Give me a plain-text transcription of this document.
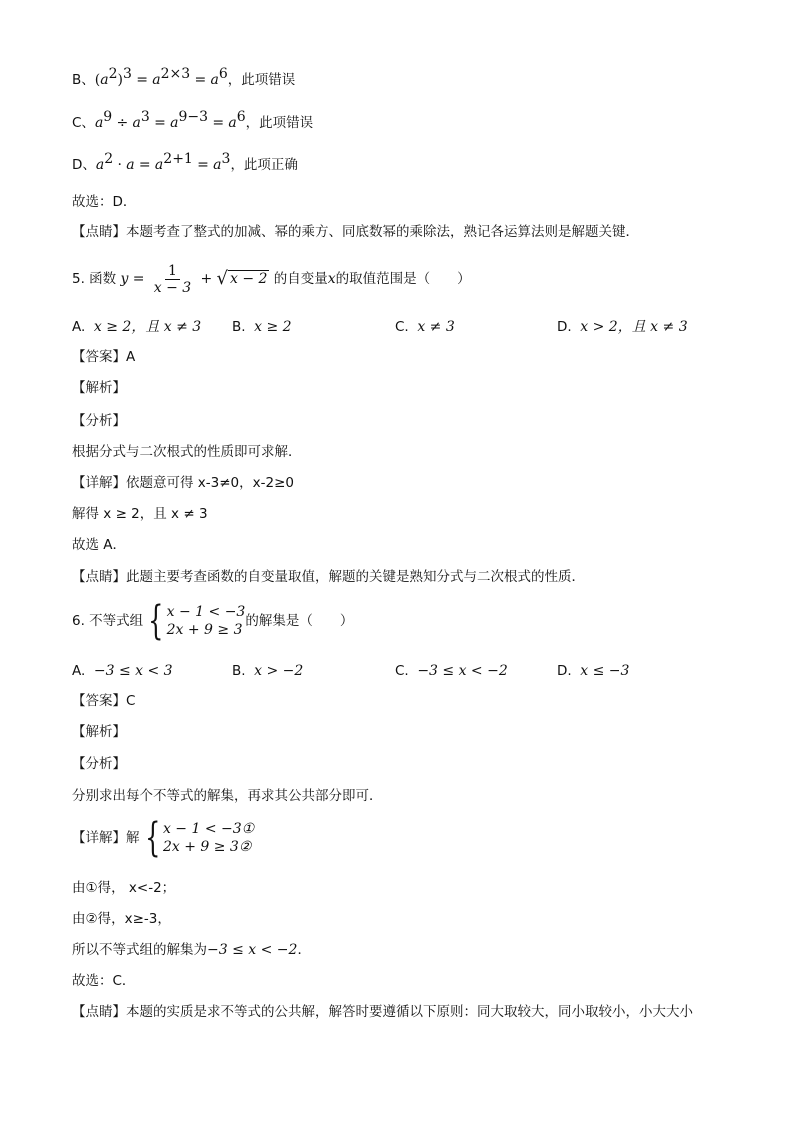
B、$(a^2)^3 = a^{2\times 3} = a^6$，此项错误
C、$a^9 \div a^3 = a^{9-3} = a^6$，此项错误
D、$a^2 \cdot a = a^{2+1} = a^3$，此项正确
故选：D．
【点睛】本题考查了整式的加减、幂的乘方、同底数幂的乘除法，熟记各运算法则是解题关键．
5. 函数 $y = \frac{1}{x - 3}$ + √ x − 2 的自变量x的取值范围是（　　）
A. x ≥ 2，且 x ≠ 3 B. x ≥ 2	C. x ≠ 3	D. x > 2，且 x ≠ 3
【答案】A
【解析】
【分析】
根据分式与二次根式的性质即可求解．
【详解】依题意可得 x-3≠0，x-2≥0
解得 x ≥ 2，且 x ≠ 3
故选 A．
【点睛】此题主要考查函数的自变量取值，解题的关键是熟知分式与二次根式的性质．
6. 不等式组 { x − 1 < −3
2x + 9 ≥ 3
的解集是（　　）
A. −3 ≤ x < 3	B. x > −2	C. −3 ≤ x < −2	D. x ≤ −3
【答案】C
【解析】
【分析】
分别求出每个不等式的解集，再求其公共部分即可．
【详解】解 { x − 1 < −3①
2x + 9 ≥ 3②
由①得， x<-2；
由②得，x≥-3，
所以不等式组的解集为−3 ≤ x < −2．
故选：C．
【点睛】本题的实质是求不等式的公共解，解答时要遵循以下原则：同大取较大，同小取较小，小大大小
